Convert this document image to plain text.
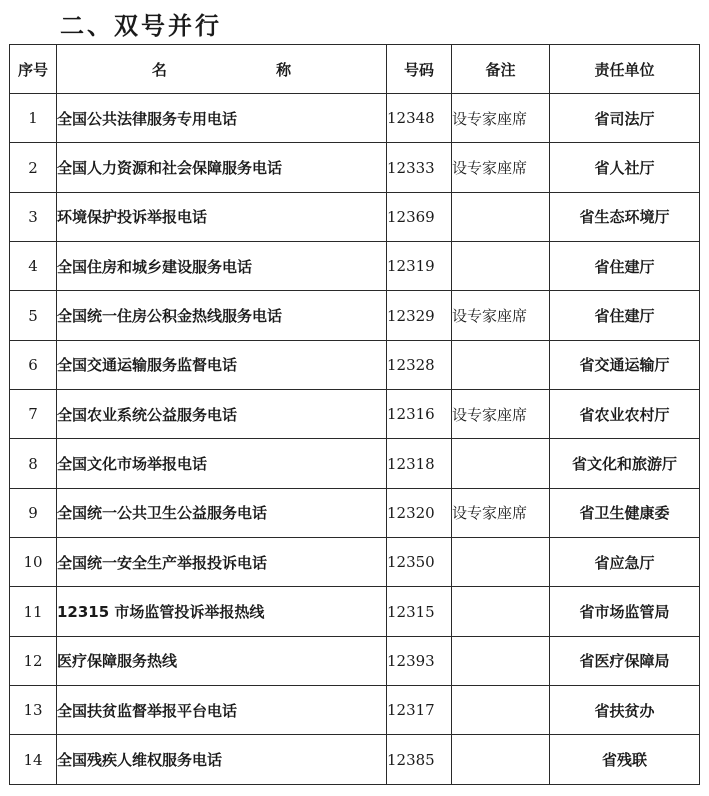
二、双号并行
序号	名 称	号码	备注	责任单位
1	全国公共法律服务专用电话	12348	设专家座席	省司法厅
2	全国人力资源和社会保障服务电话	12333	设专家座席	省人社厅
3	环境保护投诉举报电话	12369		省生态环境厅
4	全国住房和城乡建设服务电话	12319		省住建厅
5	全国统一住房公积金热线服务电话	12329	设专家座席	省住建厅
6	全国交通运输服务监督电话	12328		省交通运输厅
7	全国农业系统公益服务电话	12316	设专家座席	省农业农村厅
8	全国文化市场举报电话	12318		省文化和旅游厅
9	全国统一公共卫生公益服务电话	12320	设专家座席	省卫生健康委
10	全国统一安全生产举报投诉电话	12350		省应急厅
11	12315 市场监管投诉举报热线	12315		省市场监管局
12	医疗保障服务热线	12393		省医疗保障局
13	全国扶贫监督举报平台电话	12317		省扶贫办
14	全国残疾人维权服务电话	12385		省残联
